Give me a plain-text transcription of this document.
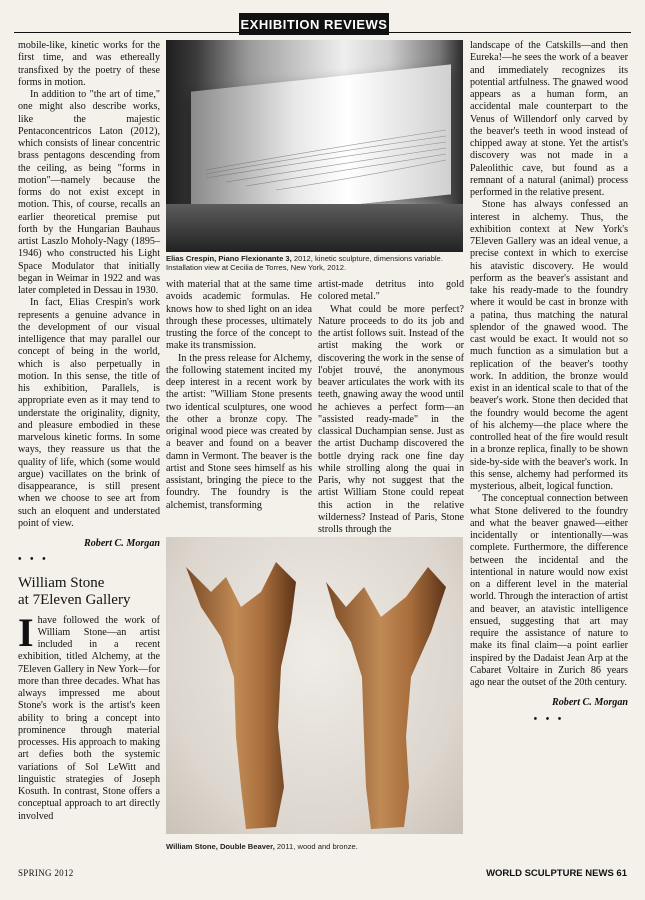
EXHIBITION REVIEWS

mobile-like, kinetic works for the first time, and was ethereally transfixed by the poetry of these forms in motion.

In addition to "the art of time," one might also describe works, like the majestic Pentaconcentricos Laton (2012), which consists of linear concentric brass pentagons descending from the ceiling, as being "forms in motion"—namely because the forms do not exist except in motion. This, of course, recalls an earlier theoretical premise put forth by the Hungarian Bauhaus artist Laszlo Moholy-Nagy (1895–1946) who constructed his Light Space Modulator that initially began in Weimar in 1922 and was later completed in Dessau in 1930.

In fact, Elias Crespin's work represents a genuine advance in the development of our visual intelligence that may parallel our concept of being in the world, which is also perpetually in motion. In this sense, the title of his exhibition, Parallels, is appropriate even as it may tend to understate the originality, dignity, and pleasure embodied in these marvelous kinetic forms. In some ways, they reassure us that the quality of life, which (some would argue) vacillates on the brink of disappearance, is still present when we choose to see art from such an eloquent and understated point of view.

Robert C. Morgan

• • •

William Stone
at 7Eleven Gallery

Ihave followed the work of William Stone—an artist included in a recent exhibition, titled Alchemy, at the 7Eleven Gallery in New York—for more than three decades. What has always impressed me about Stone's work is the artist's keen ability to bring a concept into prominence through material processes. His approach to making art defies both the systemic variations of Sol LeWitt and linguistic strategies of Joseph Kosuth. In contrast, Stone offers a conceptual approach to art directly involved

Elias Crespin, Piano Flexionante 3, 2012, kinetic sculpture, dimensions variable. Installation view at Cecilia de Torres, New York, 2012.

with material that at the same time avoids academic formulas. He knows how to shed light on an idea through these processes, ultimately trusting the force of the concept to make its transmission.

In the press release for Alchemy, the following statement incited my deep interest in a recent work by the artist: "William Stone presents two identical sculptures, one wood the other a bronze copy. The original wood piece was created by a beaver and found on a beaver damn in Vermont. The beaver is the artist and Stone sees himself as his assistant, bringing the piece to the foundry. The foundry is the alchemist, transforming

artist-made detritus into gold colored metal."

What could be more perfect? Nature proceeds to do its job and the artist follows suit. Instead of the artist making the work or discovering the work in the sense of l'objet trouvé, the anonymous beaver articulates the work with its teeth, gnawing away the wood until he achieves a perfect form—an "assisted ready-made" in the classical Duchampian sense. Just as the artist Duchamp discovered the bottle drying rack one fine day while strolling along the quai in Paris, why not suggest that the artist William Stone could repeat this action in the relative wilderness? Instead of Paris, Stone strolls through the

William Stone, Double Beaver, 2011, wood and bronze.

landscape of the Catskills—and then Eureka!—he sees the work of a beaver and immediately recognizes its potential artfulness. The gnawed wood appears as a human form, an accidental male counterpart to the Venus of Willendorf only carved by the beaver's teeth in wood instead of chipped away at stone. Yet the artist's discovery was not made in a Paleolithic cave, but found as a remnant of a natural (animal) process performed in the relative present.

Stone has always confessed an interest in alchemy. Thus, the exhibition context at New York's 7Eleven Gallery was an ideal venue, a precise context in which to exercise his atavistic discovery. He would perform as the beaver's assistant and take his ready-made to the foundry where it would be cast in bronze with a patina, thus matching the natural splendor of the gnawed wood. The cast would be exact. It would not so much function as a simulation but a replication of the beaver's toothy work. In addition, the bronze would exist in an identical scale to that of the beaver's work. Stone then decided that the foundry would become the agent of his alchemy—the place where the controlled heat of the fire would result in a bronze replica, finally to be shown side-by-side with the beaver's work. In this sense, alchemy had performed its mysterious, albeit, logical function.

The conceptual connection between what Stone delivered to the foundry and what the beaver gnawed—either incidentally or intentionally—was complete. Furthermore, the difference between the incidental and the intentional in nature would now exist on a different level in the material world. Through the interaction of artist and beaver, an atavistic intelligence ensued, suggesting that art may require the assistance of nature to make its final claim—a point earlier inspired by the Dadaist Jean Arp at the Cabaret Voltaire in Zurich 86 years ago near the outset of the 20th century.

Robert C. Morgan

• • •

SPRING 2012	WORLD SCULPTURE NEWS 61
